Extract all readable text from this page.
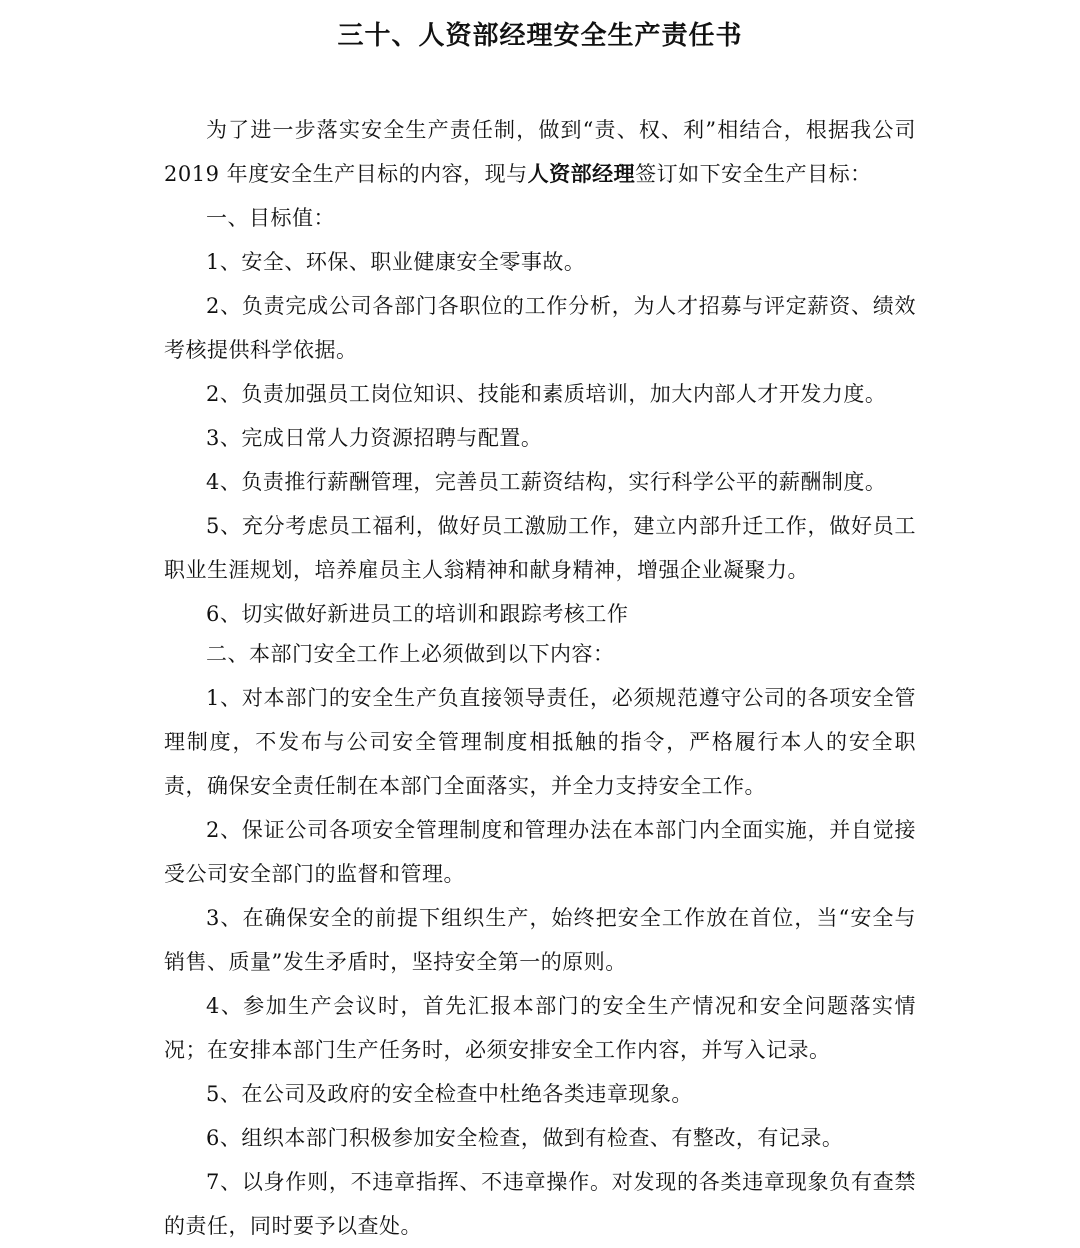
三十、人资部经理安全生产责任书

为了进一步落实安全生产责任制，做到“责、权、利”相结合，根据我公司 2019 年度安全生产目标的内容，现与人资部经理签订如下安全生产目标：

一、目标值：

1、安全、环保、职业健康安全零事故。

2、负责完成公司各部门各职位的工作分析，为人才招募与评定薪资、绩效考核提供科学依据。

2、负责加强员工岗位知识、技能和素质培训，加大内部人才开发力度。

3、完成日常人力资源招聘与配置。

4、负责推行薪酬管理，完善员工薪资结构，实行科学公平的薪酬制度。

5、充分考虑员工福利，做好员工激励工作，建立内部升迁工作，做好员工职业生涯规划，培养雇员主人翁精神和献身精神，增强企业凝聚力。

6、切实做好新进员工的培训和跟踪考核工作

二、本部门安全工作上必须做到以下内容：

1、对本部门的安全生产负直接领导责任，必须规范遵守公司的各项安全管理制度，不发布与公司安全管理制度相抵触的指令，严格履行本人的安全职责，确保安全责任制在本部门全面落实，并全力支持安全工作。

2、保证公司各项安全管理制度和管理办法在本部门内全面实施，并自觉接受公司安全部门的监督和管理。

3、在确保安全的前提下组织生产，始终把安全工作放在首位，当“安全与销售、质量”发生矛盾时，坚持安全第一的原则。

4、参加生产会议时，首先汇报本部门的安全生产情况和安全问题落实情况；在安排本部门生产任务时，必须安排安全工作内容，并写入记录。

5、在公司及政府的安全检查中杜绝各类违章现象。

6、组织本部门积极参加安全检查，做到有检查、有整改，有记录。

7、以身作则，不违章指挥、不违章操作。对发现的各类违章现象负有查禁的责任，同时要予以查处。
